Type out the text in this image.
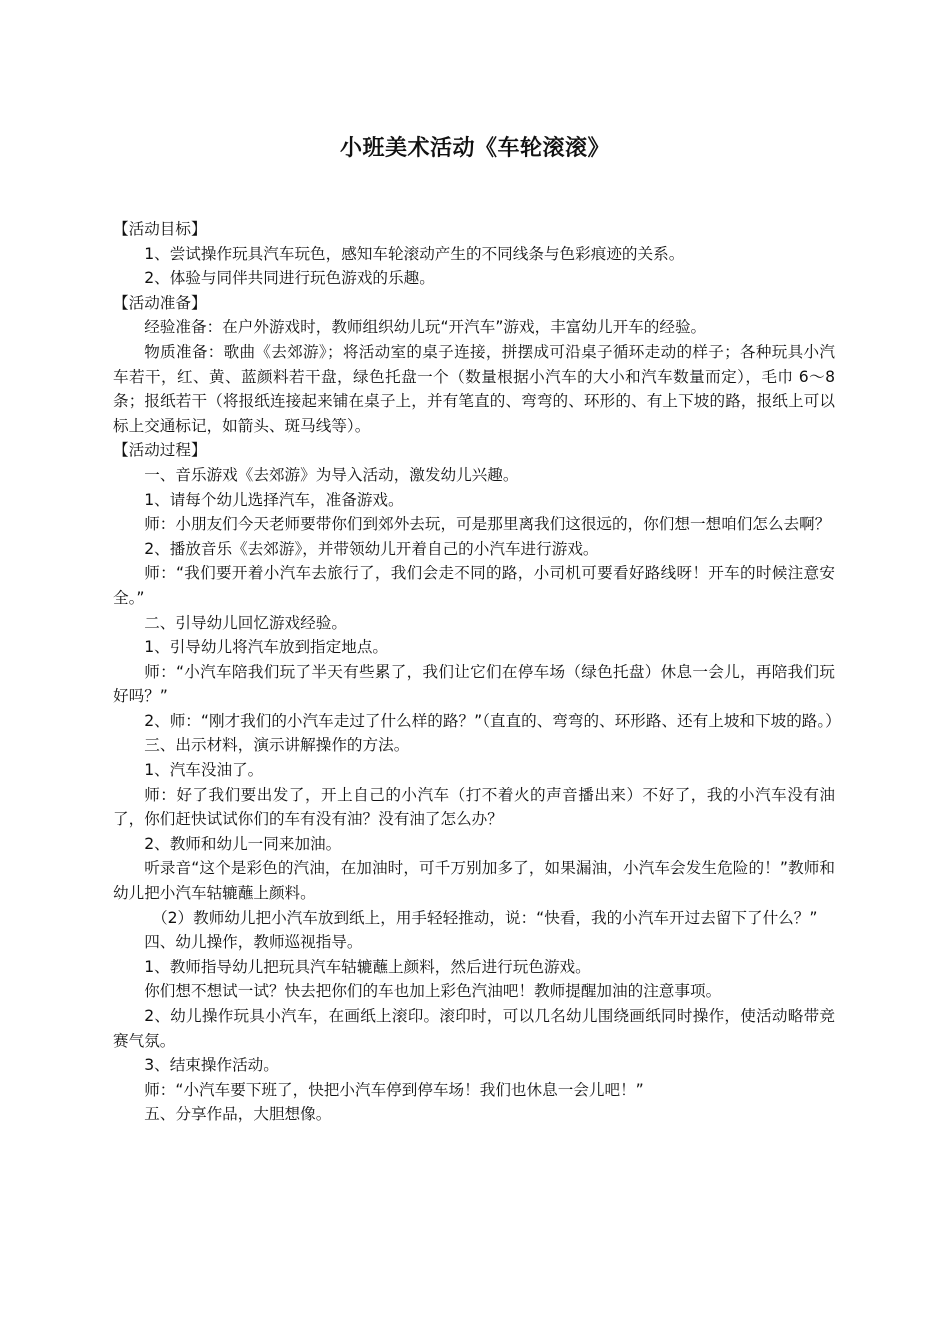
小班美术活动《车轮滚滚》

【活动目标】

1、尝试操作玩具汽车玩色，感知车轮滚动产生的不同线条与色彩痕迹的关系。

2、体验与同伴共同进行玩色游戏的乐趣。

【活动准备】

经验准备：在户外游戏时，教师组织幼儿玩“开汽车”游戏，丰富幼儿开车的经验。

物质准备：歌曲《去郊游》；将活动室的桌子连接，拼摆成可沿桌子循环走动的样子；各种玩具小汽车若干，红、黄、蓝颜料若干盘，绿色托盘一个（数量根据小汽车的大小和汽车数量而定），毛巾 6～8 条；报纸若干（将报纸连接起来铺在桌子上，并有笔直的、弯弯的、环形的、有上下坡的路，报纸上可以标上交通标记，如箭头、斑马线等）。

【活动过程】

一、音乐游戏《去郊游》为导入活动，激发幼儿兴趣。

1、请每个幼儿选择汽车，准备游戏。

师：小朋友们今天老师要带你们到郊外去玩，可是那里离我们这很远的，你们想一想咱们怎么去啊？

2、播放音乐《去郊游》，并带领幼儿开着自己的小汽车进行游戏。

师：“我们要开着小汽车去旅行了，我们会走不同的路，小司机可要看好路线呀！开车的时候注意安全。”

二、引导幼儿回忆游戏经验。

1、引导幼儿将汽车放到指定地点。

师：“小汽车陪我们玩了半天有些累了，我们让它们在停车场（绿色托盘）休息一会儿，再陪我们玩好吗？”

2、师：“刚才我们的小汽车走过了什么样的路？”（直直的、弯弯的、环形路、还有上坡和下坡的路。）

三、出示材料，演示讲解操作的方法。

1、汽车没油了。

师：好了我们要出发了，开上自己的小汽车（打不着火的声音播出来）不好了，我的小汽车没有油了，你们赶快试试你们的车有没有油？没有油了怎么办？

2、教师和幼儿一同来加油。

听录音“这个是彩色的汽油，在加油时，可千万别加多了，如果漏油，小汽车会发生危险的！”教师和幼儿把小汽车轱辘蘸上颜料。

（2）教师幼儿把小汽车放到纸上，用手轻轻推动，说：“快看，我的小汽车开过去留下了什么？”

四、幼儿操作，教师巡视指导。

1、教师指导幼儿把玩具汽车轱辘蘸上颜料，然后进行玩色游戏。

你们想不想试一试？快去把你们的车也加上彩色汽油吧！教师提醒加油的注意事项。

2、幼儿操作玩具小汽车，在画纸上滚印。滚印时，可以几名幼儿围绕画纸同时操作，使活动略带竞赛气氛。

3、结束操作活动。

师：“小汽车要下班了，快把小汽车停到停车场！我们也休息一会儿吧！”

五、分享作品，大胆想像。
